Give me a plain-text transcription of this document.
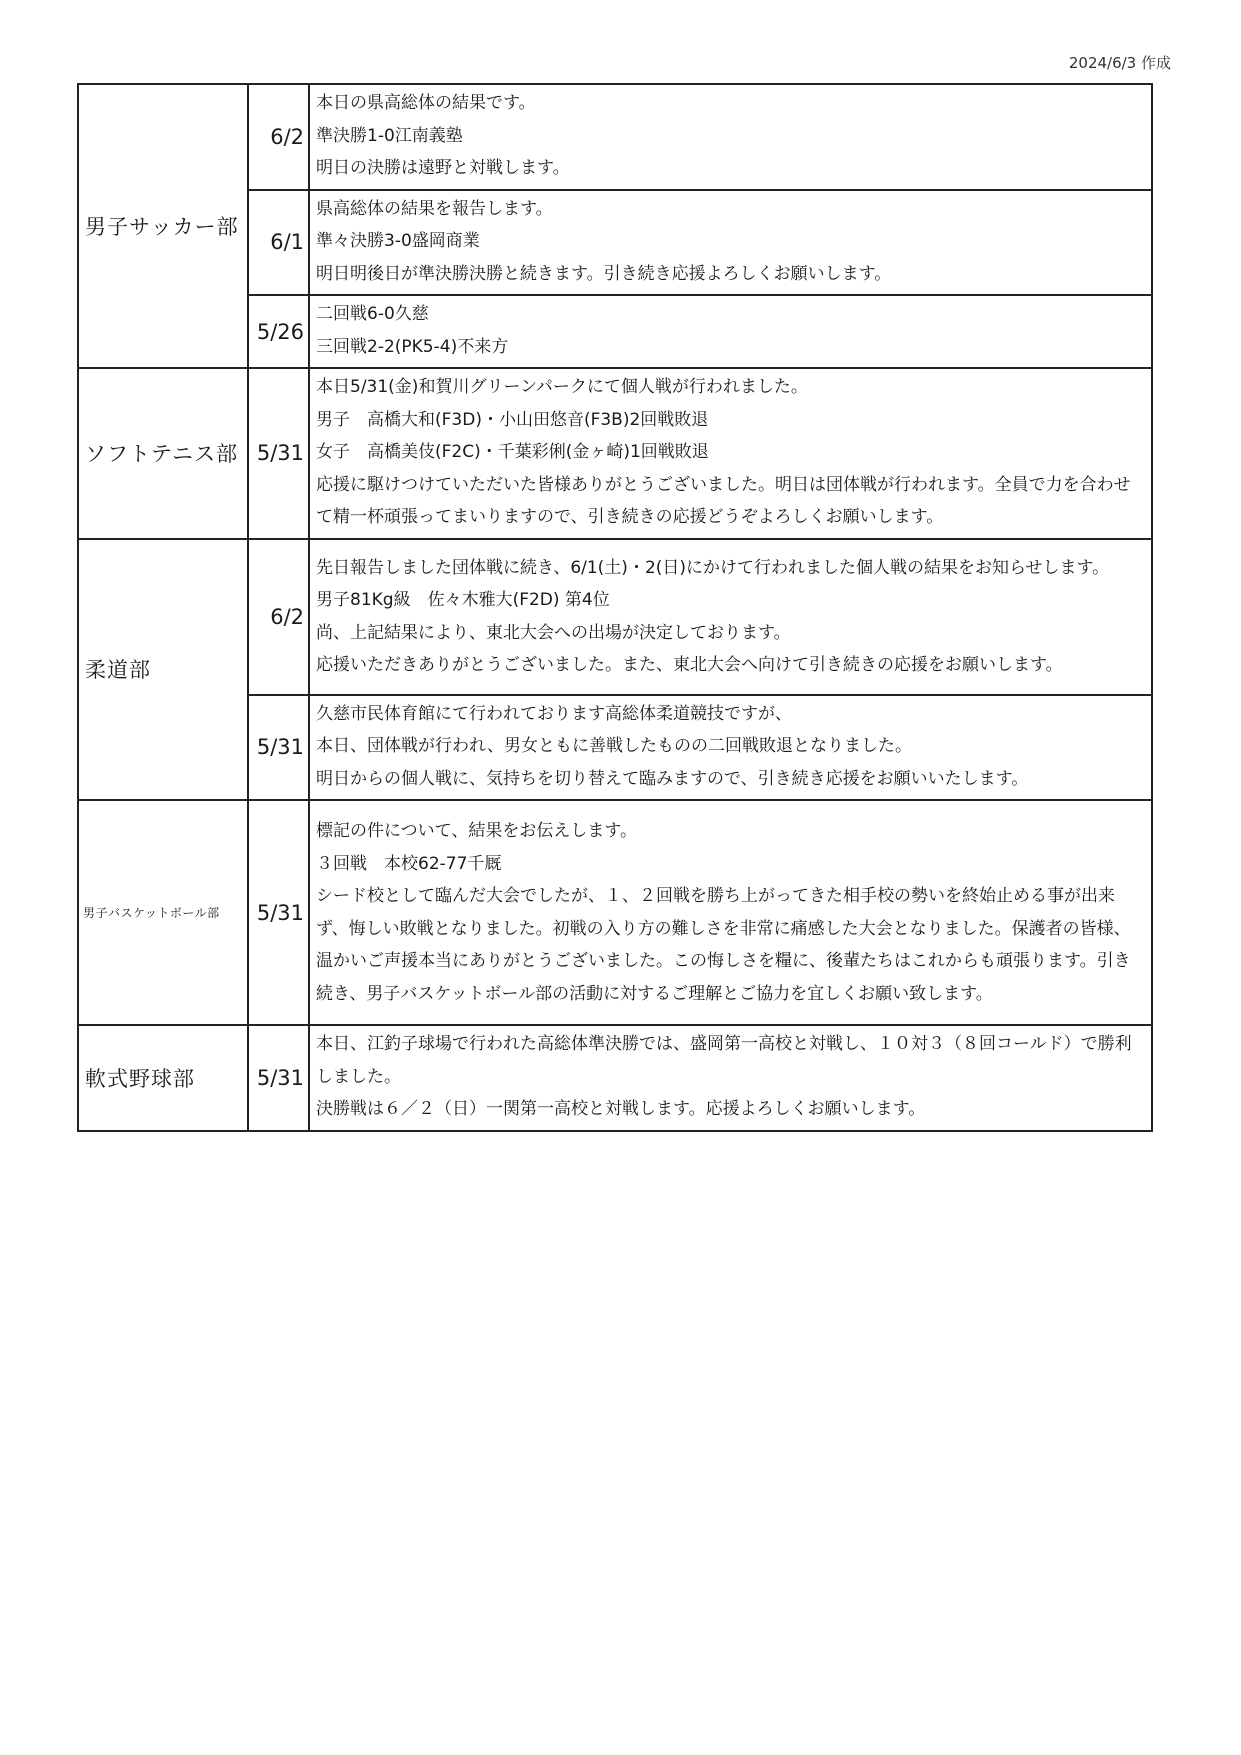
2024/6/3 作成
男子サッカー部	6/2	本日の県高総体の結果です。
準決勝1-0江南義塾
明日の決勝は遠野と対戦します。

	6/1	県高総体の結果を報告します。
準々決勝3-0盛岡商業
明日明後日が準決勝決勝と続きます。引き続き応援よろしくお願いします。

	5/26	二回戦6-0久慈
三回戦2-2(PK5-4)不来方

ソフトテニス部	5/31	本日5/31(金)和賀川グリーンパークにて個人戦が行われました。
男子　高橋大和(F3D)・小山田悠音(F3B)2回戦敗退
女子　高橋美伎(F2C)・千葉彩俐(金ヶ崎)1回戦敗退
応援に駆けつけていただいた皆様ありがとうございました。明日は団体戦が行われます。全員で力を合わせて精一杯頑張ってまいりますので、引き続きの応援どうぞよろしくお願いします。

柔道部	6/2	先日報告しました団体戦に続き、6/1(土)・2(日)にかけて行われました個人戦の結果をお知らせします。
男子81Kg級　佐々木雅大(F2D) 第4位
尚、上記結果により、東北大会への出場が決定しております。
応援いただきありがとうございました。また、東北大会へ向けて引き続きの応援をお願いします。

	5/31	久慈市民体育館にて行われております高総体柔道競技ですが、
本日、団体戦が行われ、男女ともに善戦したものの二回戦敗退となりました。
明日からの個人戦に、気持ちを切り替えて臨みますので、引き続き応援をお願いいたします。

男子バスケットボール部	5/31	標記の件について、結果をお伝えします。
３回戦　本校62-77千厩
シード校として臨んだ大会でしたが、１、２回戦を勝ち上がってきた相手校の勢いを終始止める事が出来ず、悔しい敗戦となりました。初戦の入り方の難しさを非常に痛感した大会となりました。保護者の皆様、温かいご声援本当にありがとうございました。この悔しさを糧に、後輩たちはこれからも頑張ります。引き続き、男子バスケットボール部の活動に対するご理解とご協力を宜しくお願い致します。

軟式野球部	5/31	本日、江釣子球場で行われた高総体準決勝では、盛岡第一高校と対戦し、１０対３（８回コールド）で勝利しました。
決勝戦は６／２（日）一関第一高校と対戦します。応援よろしくお願いします。
